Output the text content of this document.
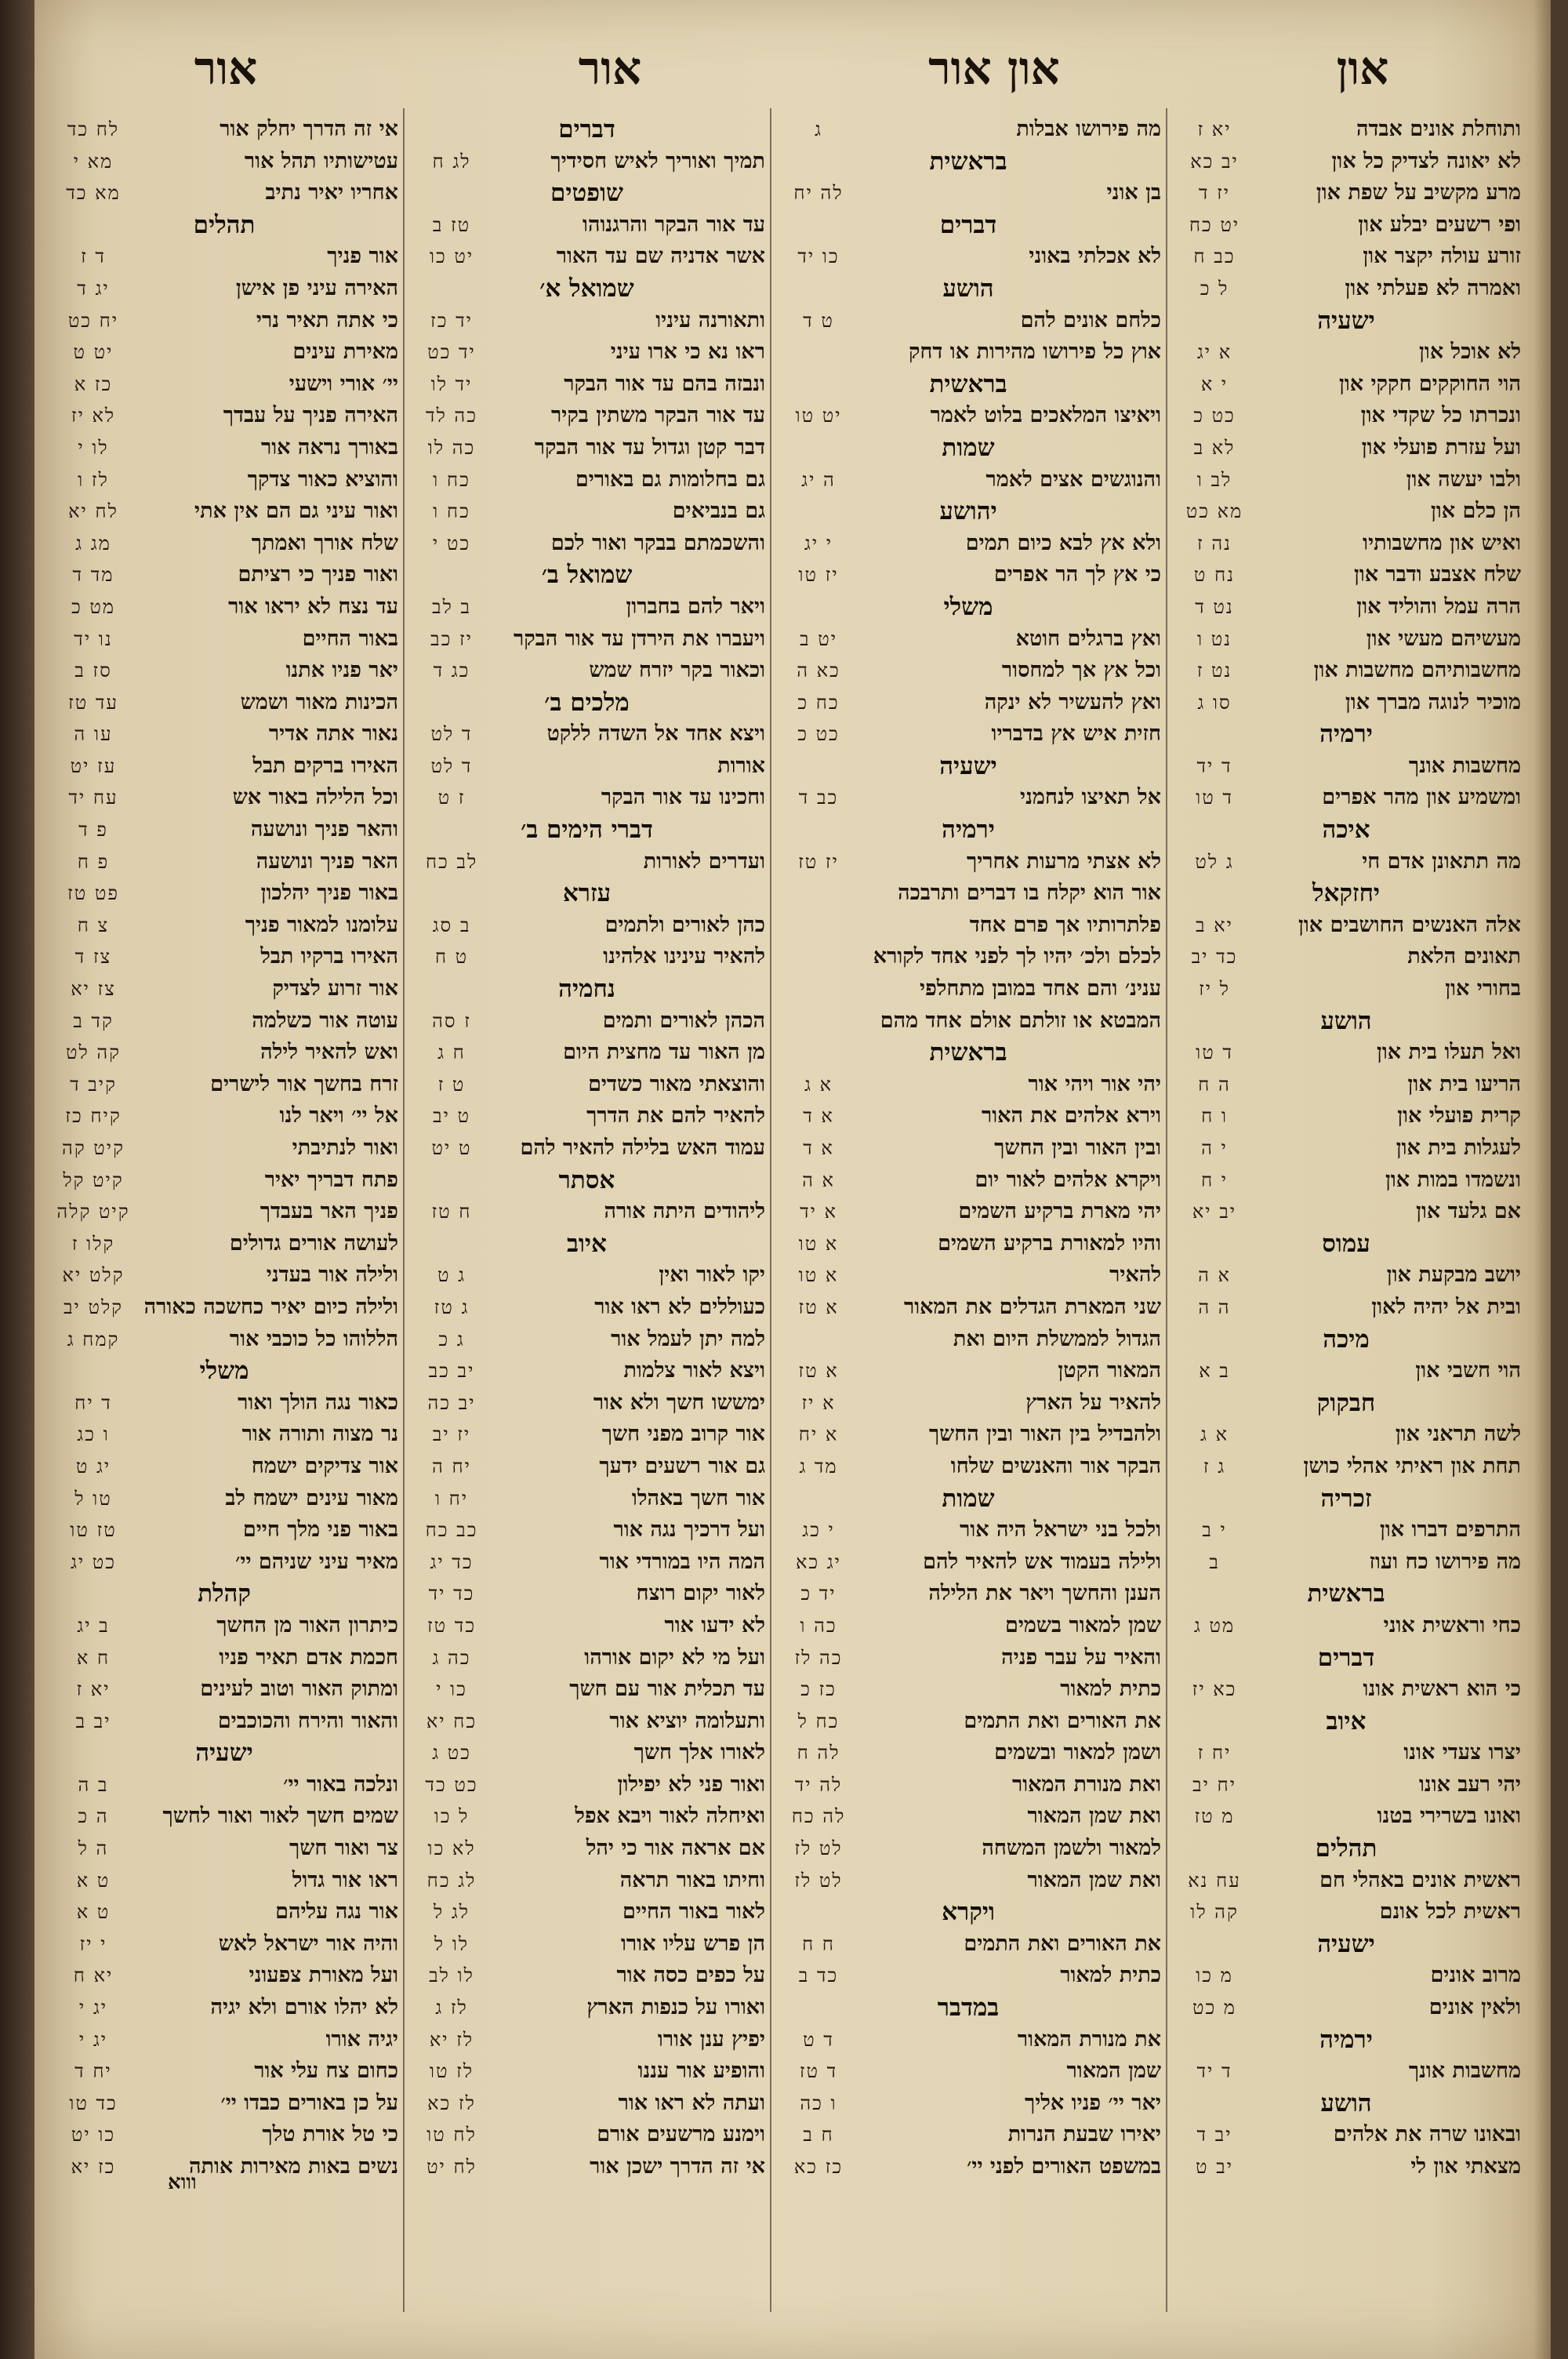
און
און אור
אור
אור
ותוחלת אונים אבדה
יא ז
לא יאונה לצדיק כל און
יב כא
מרע מקשיב על שפת און
יז ד
ופי רשעים יבלע און
יט כח
זורע עולה יקצר און
כב ח
ואמרה לא פעלתי און
ל כ
ישעיה
לא אוכל און
א יג
הוי החוקקים חקקי און
י א
ונכרתו כל שקדי און
כט כ
ועל עזרת פועלי און
לא ב
ולבו יעשה און
לב ו
הן כלם און
מא כט
ואיש און מחשבותיו
נה ז
שלח אצבע ודבר און
נח ט
הרה עמל והוליד און
נט ד
מעשיהם מעשי און
נט ו
מחשבותיהם מחשבות און
נט ז
מוכיר לנוגה מברך און
סו ג
ירמיה
מחשבות אונך
ד יד
ומשמיע און מהר אפרים
ד טו
איכה
מה תתאונן אדם חי
ג לט
יחזקאל
אלה האנשים החושבים און
יא ב
תאונים הלאת
כד יב
בחורי און
ל יז
הושע
ואל תעלו בית און
ד טו
הריעו בית און
ה ח
קרית פועלי און
ו ח
לעגלות בית און
י ה
ונשמדו במות און
י ח
אם גלעד און
יב יא
עמוס
יושב מבקעת און
א ה
ובית אל יהיה לאון
ה ה
מיכה
הוי חשבי און
ב א
חבקוק
לשה תראני און
א ג
תחת און ראיתי אהלי כושן
ג ז
זכריה
התרפים דברו און
י ב
מה פירושו כח ועוז
ב
בראשית
כחי וראשית אוני
מט ג
דברים
כי הוא ראשית אונו
כא יז
איוב
יצרו צעדי אונו
יח ז
יהי רעב אונו
יח יב
ואונו בשרירי בטנו
מ טז
תהלים
ראשית אונים באהלי חם
עח נא
ראשית לכל אונם
קה לו
ישעיה
מרוב אונים
מ כו
ולאין אונים
מ כט
ירמיה
מחשבות אונך
ד יד
הושע
ובאונו שרה את אלהים
יב ד
מצאתי און לי
יב ט
מה פירושו אבלות
ג
בראשית
בן אוני
לה יח
דברים
לא אכלתי באוני
כו יד
הושע
כלחם אונים להם
ט ד
אוץ כל פירושו מהירות או דחק
בראשית
ויאיצו המלאכים בלוט לאמר
יט טו
שמות
והנוגשים אצים לאמר
ה יג
יהושע
ולא אץ לבא כיום תמים
י יג
כי אץ לך הר אפרים
יז טו
משלי
ואץ ברגלים חוטא
יט ב
וכל אץ אך למחסור
כא ה
ואץ להעשיר לא ינקה
כח כ
חזית איש אץ בדבריו
כט כ
ישעיה
אל תאיצו לנחמני
כב ד
ירמיה
לא אצתי מרעות אחריך
יז טז
אור הוא יקלח בו דברים ותרבכה
פלתרותיו אך פרם אחד
לכלם ולכ׳ יהיו לך לפני אחד לקורא
ענינ׳ והם אחד במובן מתחלפי
המבטא או זולתם אולם אחד מהם
בראשית
יהי אור ויהי אור
א ג
וירא אלהים את האור
א ד
ובין האור ובין החשך
א ד
ויקרא אלהים לאור יום
א ה
יהי מארת ברקיע השמים
א יד
והיו למאורת ברקיע השמים
א טו
להאיר
א טו
שני המארת הגדלים את המאור
א טז
הגדול לממשלת היום ואת
המאור הקטן
א טז
להאיר על הארץ
א יז
ולהבדיל בין האור ובין החשך
א יח
הבקר אור והאנשים שלחו
מד ג
שמות
ולכל בני ישראל היה אור
י כג
ולילה בעמוד אש להאיר להם
יג כא
הענן והחשך ויאר את הלילה
יד כ
שמן למאור בשמים
כה ו
והאיר על עבר פניה
כה לז
כתית למאור
כז כ
את האורים ואת התמים
כח ל
ושמן למאור ובשמים
לה ח
ואת מנורת המאור
לה יד
ואת שמן המאור
לה כח
למאור ולשמן המשחה
לט לז
ואת שמן המאור
לט לז
ויקרא
את האורים ואת התמים
ח ח
כתית למאור
כד ב
במדבר
את מנורת המאור
ד ט
שמן המאור
ד טז
יאר יי׳ פניו אליך
ו כה
יאירו שבעת הנרות
ח ב
במשפט האורים לפני יי׳
כז כא
דברים
תמיך ואוריך לאיש חסידיך
לג ח
שופטים
עד אור הבקר והרגנוהו
טז ב
אשר אדניה שם עד האור
יט כו
שמואל א׳
ותאורנה עיניו
יד כז
ראו נא כי ארו עיני
יד כט
ונבזה בהם עד אור הבקר
יד לו
עד אור הבקר משתין בקיר
כה לד
דבר קטן וגדול עד אור הבקר
כה לו
גם בחלומות גם באורים
כח ו
גם בנביאים
כח ו
והשכמתם בבקר ואור לכם
כט י
שמואל ב׳
ויאר להם בחברון
ב לב
ויעברו את הירדן עד אור הבקר
יז כב
וכאור בקר יזרח שמש
כג ד
מלכים ב׳
ויצא אחד אל השדה ללקט
ד לט
אורות
ד לט
וחכינו עד אור הבקר
ז ט
דברי הימים ב׳
ועדרים לאורות
לב כח
עזרא
כהן לאורים ולתמים
ב סג
להאיר עינינו אלהינו
ט ח
נחמיה
הכהן לאורים ותמים
ז סה
מן האור עד מחצית היום
ח ג
והוצאתי מאור כשדים
ט ז
להאיר להם את הדרך
ט יב
עמוד האש בלילה להאיר להם
ט יט
אסתר
ליהודים היתה אורה
ח טז
איוב
יקו לאור ואין
ג ט
כעוללים לא ראו אור
ג טז
למה יתן לעמל אור
ג כ
ויצא לאור צלמות
יב כב
ימששו חשך ולא אור
יב כה
אור קרוב מפני חשך
יז יב
גם אור רשעים ידעך
יח ה
אור חשך באהלו
יח ו
ועל דרכיך נגה אור
כב כח
המה היו במורדי אור
כד יג
לאור יקום רוצח
כד יד
לא ידעו אור
כד טז
ועל מי לא יקום אורהו
כה ג
עד תכלית אור עם חשך
כו י
ותעלומה יוציא אור
כח יא
לאורו אלך חשך
כט ג
ואור פני לא יפילון
כט כד
ואיחלה לאור ויבא אפל
ל כו
אם אראה אור כי יהל
לא כו
וחיתו באור תראה
לג כח
לאור באור החיים
לג ל
הן פרש עליו אורו
לו ל
על כפים כסה אור
לו לב
ואורו על כנפות הארץ
לז ג
יפיץ ענן אורו
לז יא
והופיע אור עננו
לז טו
ועתה לא ראו אור
לז כא
וימנע מרשעים אורם
לח טו
אי זה הדרך ישכן אור
לח יט
אי זה הדרך יחלק אור
לח כד
עטישותיו תהל אור
מא י
אחריו יאיר נתיב
מא כד
תהלים
אור פניך
ד ז
האירה עיני פן אישן
יג ד
כי אתה תאיר נרי
יח כט
מאירת עינים
יט ט
יי׳ אורי וישעי
כז א
האירה פניך על עבדך
לא יז
באורך נראה אור
לו י
והוציא כאור צדקך
לז ו
ואור עיני גם הם אין אתי
לח יא
שלח אורך ואמתך
מג ג
ואור פניך כי רציתם
מד ד
עד נצח לא יראו אור
מט כ
באור החיים
נו יד
יאר פניו אתנו
סז ב
הכינות מאור ושמש
עד טז
נאור אתה אדיר
עו ה
האירו ברקים תבל
עז יט
וכל הלילה באור אש
עח יד
והאר פניך ונושעה
פ ד
האר פניך ונושעה
פ ח
באור פניך יהלכון
פט טז
עלומנו למאור פניך
צ ח
האירו ברקיו תבל
צז ד
אור זרוע לצדיק
צז יא
עוטה אור כשלמה
קד ב
ואש להאיר לילה
קה לט
זרח בחשך אור לישרים
קיב ד
אל יי׳ ויאר לנו
קיח כז
ואור לנתיבתי
קיט קה
פתח דבריך יאיר
קיט קל
פניך האר בעבדך
קיט קלה
לעושה אורים גדולים
קלו ז
ולילה אור בעדני
קלט יא
ולילה כיום יאיר כחשכה כאורה
קלט יב
הללוהו כל כוכבי אור
קמח ג
משלי
כאור נגה הולך ואור
ד יח
נר מצוה ותורה אור
ו כג
אור צדיקים ישמח
יג ט
מאור עינים ישמח לב
טו ל
באור פני מלך חיים
טז טו
מאיר עיני שניהם יי׳
כט יג
קהלת
כיתרון האור מן החשך
ב יג
חכמת אדם תאיר פניו
ח א
ומתוק האור וטוב לעינים
יא ז
והאור והירח והכוכבים
יב ב
ישעיה
ונלכה באור יי׳
ב ה
שמים חשך לאור ואור לחשך
ה כ
צר ואור חשך
ה ל
ראו אור גדול
ט א
אור נגה עליהם
ט א
והיה אור ישראל לאש
י יז
ועל מאורת צפעוני
יא ח
לא יהלו אורם ולא יגיה
יג י
יגיה אורו
יג י
כחום צח עלי אור
יח ד
על כן באורים כבדו יי׳
כד טו
כי טל אורת טלך
כו יט
נשים באות מאירות אותה
כז יא
וווא
